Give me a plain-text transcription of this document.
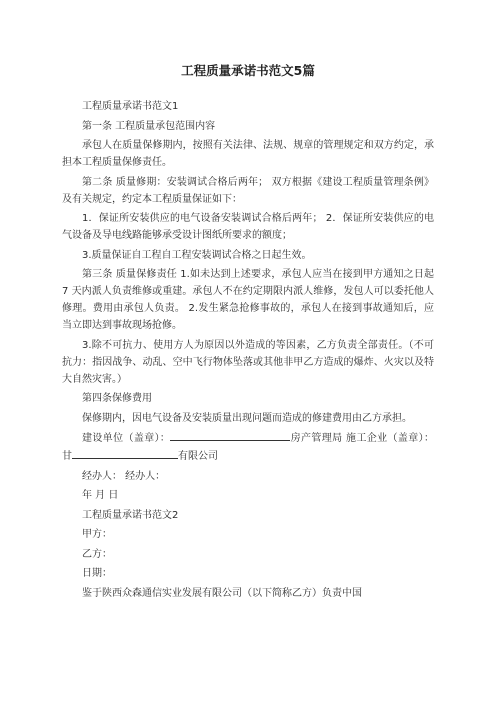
工程质量承诺书范文5篇

工程质量承诺书范文1

第一条 工程质量承包范围内容

承包人在质量保修期内，按照有关法律、法规、规章的管理规定和双方约定，承担本工程质量保修责任。

第二条 质量修期：安装调试合格后两年； 双方根据《建设工程质量管理条例》及有关规定，约定本工程质量保证如下：

1．保证所安装供应的电气设备安装调试合格后两年； 2．保证所安装供应的电气设备及导电线路能够承受设计图纸所要求的额度；

3.质量保证自工程自工程安装调试合格之日起生效。

第三条 质量保修责任 1.如未达到上述要求，承包人应当在接到甲方通知之日起 7 天内派人负责维修或重建。承包人不在约定期限内派人维修，发包人可以委托他人修理。费用由承包人负责。 2.发生紧急抢修事故的，承包人在接到事故通知后，应当立即达到事故现场抢修。

3.除不可抗力、使用方人为原因以外造成的等因素，乙方负责全部责任。（不可抗力：指因战争、动乱、空中飞行物体坠落或其他非甲乙方造成的爆炸、火灾以及特大自然灾害。）

第四条保修费用

保修期内，因电气设备及安装质量出现问题而造成的修建费用由乙方承担。

建设单位（盖章）：	房产管理局 施工企业（盖章）：甘	有限公司

经办人： 经办人：

年 月 日

工程质量承诺书范文2

甲方：

乙方：

日期：

鉴于陕西众森通信实业发展有限公司（以下简称乙方）负责中国
